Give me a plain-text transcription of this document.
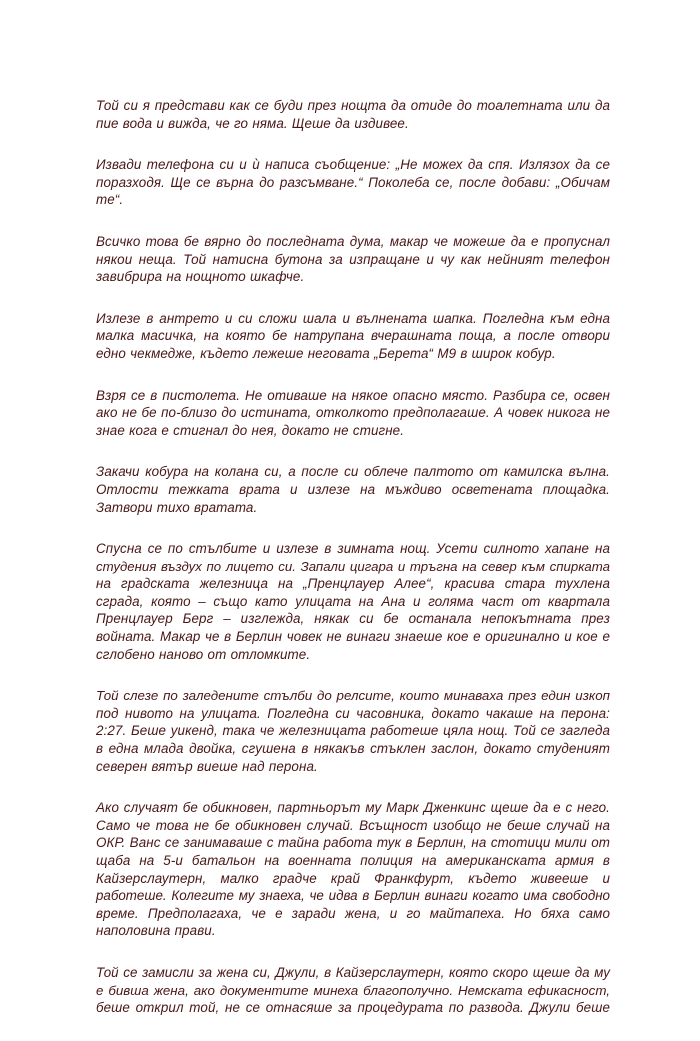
Той си я представи как се буди през нощта да отиде до тоалетната или да
пие вода и вижда, че го няма. Щеше да издивее.

Извади телефона си и ѝ написа съобщение: „Не можех да спя. Излязох да се
поразходя. Ще се върна до разсъмване.“ Поколеба се, после добави: „Обичам
те“.

Всичко това бе вярно до последната дума, макар че можеше да е пропуснал
някои неща. Той натисна бутона за изпращане и чу как нейният телефон
завибрира на нощното шкафче.

Излезе в антрето и си сложи шала и вълнената шапка. Погледна към една
малка масичка, на която бе натрупана вчерашната поща, а после отвори
едно чекмедже, където лежеше неговата „Берета“ М9 в широк кобур.

Взря се в пистолета. Не отиваше на някое опасно място. Разбира се, освен
ако не бе по-близо до истината, отколкото предполагаше. А човек никога не
знае кога е стигнал до нея, докато не стигне.

Закачи кобура на колана си, а после си облече палтото от камилска вълна.
Отлости тежката врата и излезе на мъждиво осветената площадка.
Затвори тихо вратата.

Спусна се по стълбите и излезе в зимната нощ. Усети силното хапане на
студения въздух по лицето си. Запали цигара и тръгна на север към спирката
на градската железница на „Пренцлауер Алее“, красива стара тухлена
сграда, която – също като улицата на Ана и голяма част от квартала
Пренцлауер Берг – изглежда, някак си бе останала непокътната през
войната. Макар че в Берлин човек не винаги знаеше кое е оригинално и кое е
сглобено наново от отломките.

Той слезе по заледените стълби до релсите, които минаваха през един изкоп
под нивото на улицата. Погледна си часовника, докато чакаше на перона:
2:27. Беше уикенд, така че железницата работеше цяла нощ. Той се загледа
в една млада двойка, сгушена в някакъв стъклен заслон, докато студеният
северен вятър виеше над перона.

Ако случаят бе обикновен, партньорът му Марк Дженкинс щеше да е с него.
Само че това не бе обикновен случай. Всъщност изобщо не беше случай на
ОКР. Ванс се занимаваше с тайна работа тук в Берлин, на стотици мили от
щаба на 5-и батальон на военната полиция на американската армия в
Кайзерслаутерн, малко градче край Франкфурт, където живееше и
работеше. Колегите му знаеха, че идва в Берлин винаги когато има свободно
време. Предполагаха, че е заради жена, и го майтапеха. Но бяха само
наполовина прави.

Той се замисли за жена си, Джули, в Кайзерслаутерн, която скоро щеше да му
е бивша жена, ако документите минеха благополучно. Немската ефикасност,
беше открил той, не се отнасяше за процедурата по развода. Джули беше
